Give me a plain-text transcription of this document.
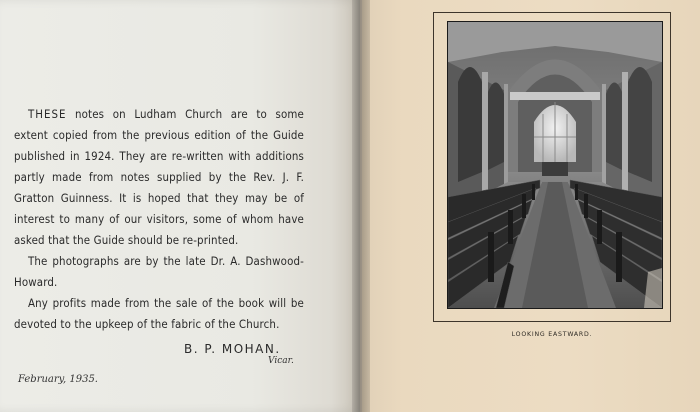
THESE notes on Ludham Church are to some extent copied from the previous edition of the Guide published in 1924. They are re-written with additions partly made from notes supplied by the Rev. J. F. Gratton Guinness. It is hoped that they may be of interest to many of our visitors, some of whom have asked that the Guide should be re-printed.

The photographs are by the late Dr. A. Dashwood-Howard.

Any profits made from the sale of the book will be devoted to the upkeep of the fabric of the Church.

B. P. MOHAN.
Vicar.
February, 1935.
LOOKING EASTWARD.
